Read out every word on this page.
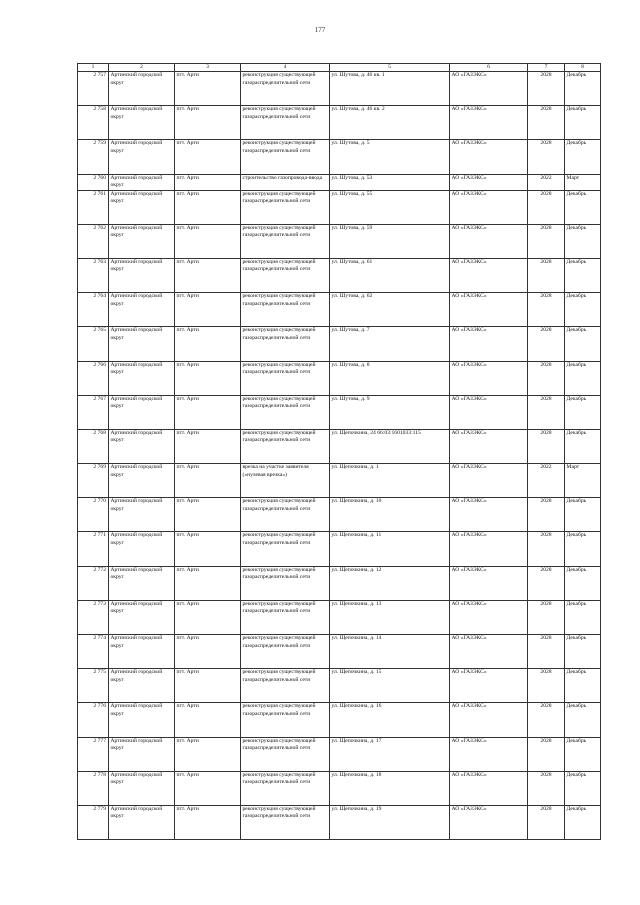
177
1	2	3	4	5	6	7	8
2 757	Артинский городской округ	пгт. Арти	реконструкция существующей газораспределительной сети	ул. Шутова, д. 46 кв. 1	АО «ГАЗЭКС»	2028	Декабрь
2 758	Артинский городской округ	пгт. Арти	реконструкция существующей газораспределительной сети	ул. Шутова, д. 46 кв. 2	АО «ГАЗЭКС»	2028	Декабрь
2 759	Артинский городской округ	пгт. Арти	реконструкция существующей газораспределительной сети	ул. Шутова, д. 5	АО «ГАЗЭКС»	2028	Декабрь
2 760	Артинский городской округ	пгт. Арти	строительство газопровода-ввода	ул. Шутова, д. 53	АО «ГАЗЭКС»	2022	Март
2 761	Артинский городской округ	пгт. Арти	реконструкция существующей газораспределительной сети	ул. Шутова, д. 55	АО «ГАЗЭКС»	2028	Декабрь
2 762	Артинский городской округ	пгт. Арти	реконструкция существующей газораспределительной сети	ул. Шутова, д. 59	АО «ГАЗЭКС»	2028	Декабрь
2 763	Артинский городской округ	пгт. Арти	реконструкция существующей газораспределительной сети	ул. Шутова, д. 61	АО «ГАЗЭКС»	2028	Декабрь
2 764	Артинский городской округ	пгт. Арти	реконструкция существующей газораспределительной сети	ул. Шутова, д. 62	АО «ГАЗЭКС»	2028	Декабрь
2 765	Артинский городской округ	пгт. Арти	реконструкция существующей газораспределительной сети	ул. Шутова, д. 7	АО «ГАЗЭКС»	2028	Декабрь
2 766	Артинский городской округ	пгт. Арти	реконструкция существующей газораспределительной сети	ул. Шутова, д. 8	АО «ГАЗЭКС»	2028	Декабрь
2 767	Артинский городской округ	пгт. Арти	реконструкция существующей газораспределительной сети	ул. Шутова, д. 9	АО «ГАЗЭКС»	2028	Декабрь
2 768	Артинский городской округ	пгт. Арти	реконструкция существующей газораспределительной сети	ул. Щепочкина, 24 66:03:1601033:115	АО «ГАЗЭКС»	2028	Декабрь
2 769	Артинский городской округ	пгт. Арти	врезка на участке заявителя («нулевая врезка»)	ул. Щепочкина, д. 1	АО «ГАЗЭКС»	2022	Март
2 770	Артинский городской округ	пгт. Арти	реконструкция существующей газораспределительной сети	ул. Щепочкина, д. 10	АО «ГАЗЭКС»	2028	Декабрь
2 771	Артинский городской округ	пгт. Арти	реконструкция существующей газораспределительной сети	ул. Щепочкина, д. 11	АО «ГАЗЭКС»	2028	Декабрь
2 772	Артинский городской округ	пгт. Арти	реконструкция существующей газораспределительной сети	ул. Щепочкина, д. 12	АО «ГАЗЭКС»	2028	Декабрь
2 773	Артинский городской округ	пгт. Арти	реконструкция существующей газораспределительной сети	ул. Щепочкина, д. 13	АО «ГАЗЭКС»	2028	Декабрь
2 774	Артинский городской округ	пгт. Арти	реконструкция существующей газораспределительной сети	ул. Щепочкина, д. 14	АО «ГАЗЭКС»	2028	Декабрь
2 775	Артинский городской округ	пгт. Арти	реконструкция существующей газораспределительной сети	ул. Щепочкина, д. 15	АО «ГАЗЭКС»	2028	Декабрь
2 776	Артинский городской округ	пгт. Арти	реконструкция существующей газораспределительной сети	ул. Щепочкина, д. 16	АО «ГАЗЭКС»	2028	Декабрь
2 777	Артинский городской округ	пгт. Арти	реконструкция существующей газораспределительной сети	ул. Щепочкина, д. 17	АО «ГАЗЭКС»	2028	Декабрь
2 778	Артинский городской округ	пгт. Арти	реконструкция существующей газораспределительной сети	ул. Щепочкина, д. 18	АО «ГАЗЭКС»	2028	Декабрь
2 779	Артинский городской округ	пгт. Арти	реконструкция существующей газораспределительной сети	ул. Щепочкина, д. 19	АО «ГАЗЭКС»	2028	Декабрь
